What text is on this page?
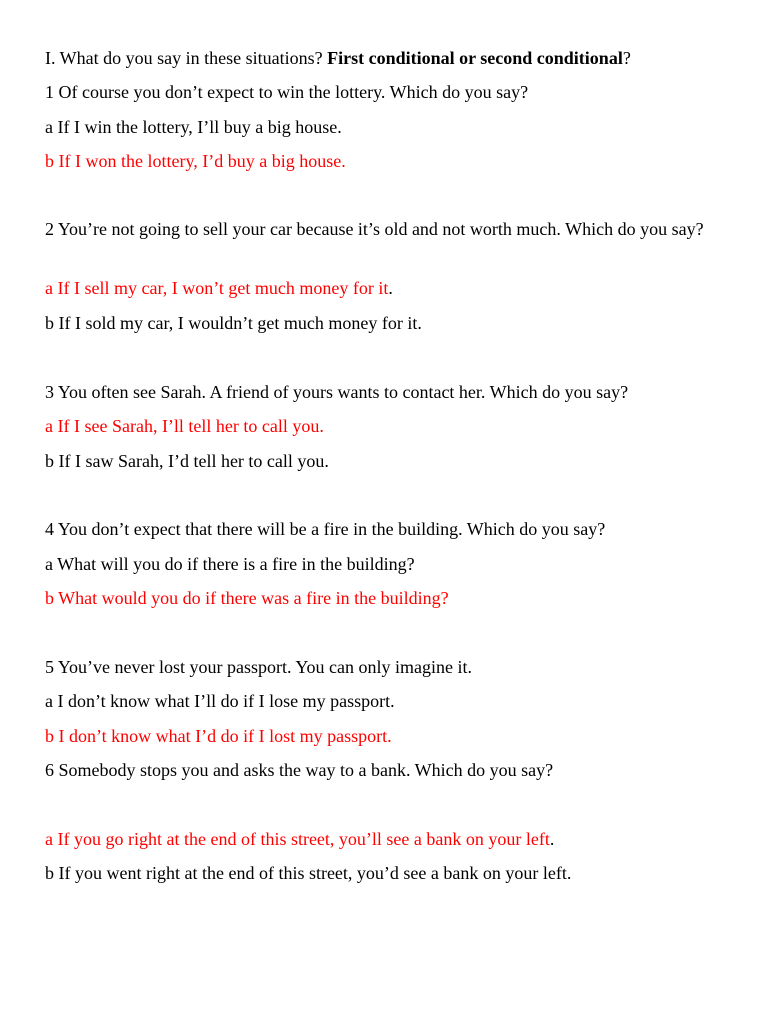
I. What do you say in these situations? First conditional or second conditional?
1 Of course you don’t expect to win the lottery. Which do you say?
a If I win the lottery, I’ll buy a big house.
b If I won the lottery, I’d buy a big house.
2 You’re not going to sell your car because it’s old and not worth much. Which do you say?
a If I sell my car, I won’t get much money for it.
b If I sold my car, I wouldn’t get much money for it.
3 You often see Sarah. A friend of yours wants to contact her. Which do you say?
a If I see Sarah, I’ll tell her to call you.
b If I saw Sarah, I’d tell her to call you.
4 You don’t expect that there will be a fire in the building. Which do you say?
a What will you do if there is a fire in the building?
b What would you do if there was a fire in the building?
5 You’ve never lost your passport. You can only imagine it.
a I don’t know what I’ll do if I lose my passport.
b I don’t know what I’d do if I lost my passport.
6 Somebody stops you and asks the way to a bank. Which do you say?
a If you go right at the end of this street, you’ll see a bank on your left.
b If you went right at the end of this street, you’d see a bank on your left.
